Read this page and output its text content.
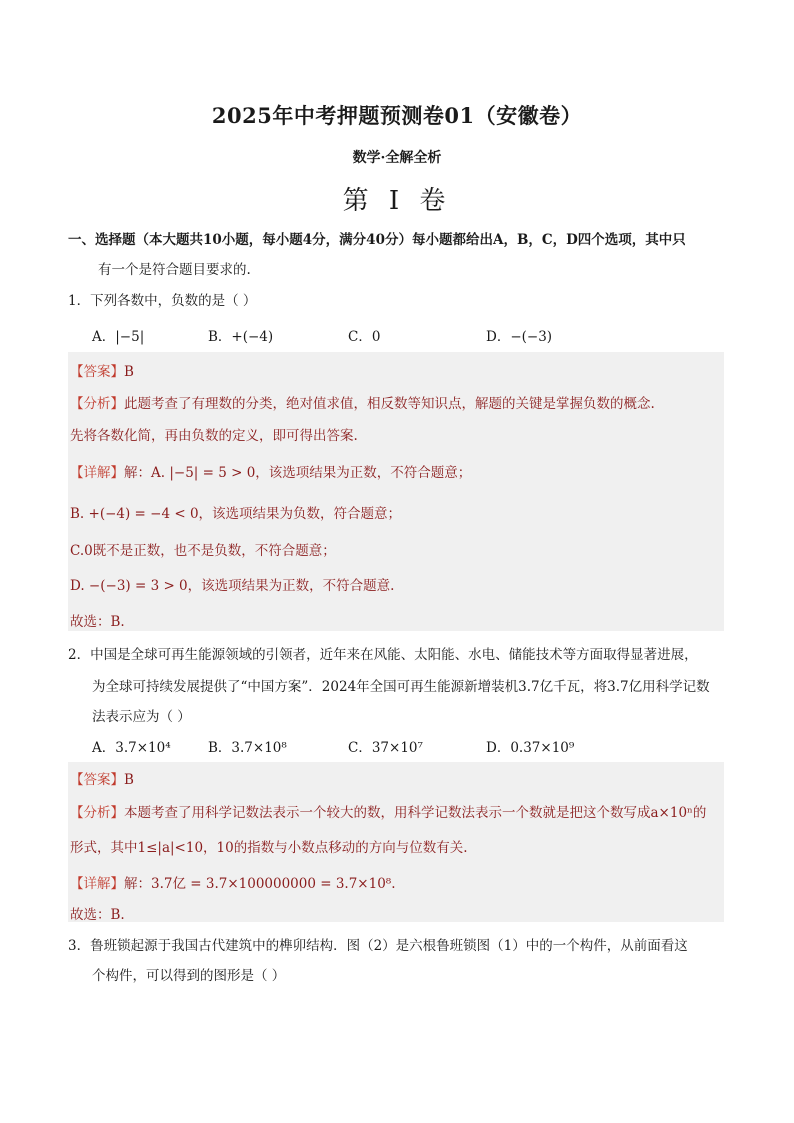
2025年中考押题预测卷01（安徽卷）
数学·全解全析
第 I 卷
一、选择题（本大题共10小题，每小题4分，满分40分）每小题都给出A，B，C，D四个选项，其中只
有一个是符合题目要求的.
1．下列各数中，负数的是（ ）
A．|−5|	B．+(−4)	C．0	D．−(−3)
【答案】B
【分析】此题考查了有理数的分类，绝对值求值，相反数等知识点，解题的关键是掌握负数的概念.
先将各数化简，再由负数的定义，即可得出答案.
【详解】解：A. |−5| = 5 > 0，该选项结果为正数，不符合题意；
B. +(−4) = −4 < 0，该选项结果为负数，符合题意；
C.0既不是正数，也不是负数，不符合题意；
D. −(−3) = 3 > 0，该选项结果为正数，不符合题意.
故选：B.
2．中国是全球可再生能源领域的引领者，近年来在风能、太阳能、水电、储能技术等方面取得显著进展，
为全球可持续发展提供了“中国方案”．2024年全国可再生能源新增装机3.7亿千瓦，将3.7亿用科学记数
法表示应为（ ）
A．3.7×10⁴	B．3.7×10⁸	C．37×10⁷	D．0.37×10⁹
【答案】B
【分析】本题考查了用科学记数法表示一个较大的数，用科学记数法表示一个数就是把这个数写成a×10ⁿ的
形式，其中1≤|a|<10，10的指数与小数点移动的方向与位数有关.
【详解】解：3.7亿 = 3.7×100000000 = 3.7×10⁸.
故选：B.
3．鲁班锁起源于我国古代建筑中的榫卯结构．图（2）是六根鲁班锁图（1）中的一个构件，从前面看这
个构件，可以得到的图形是（ ）
